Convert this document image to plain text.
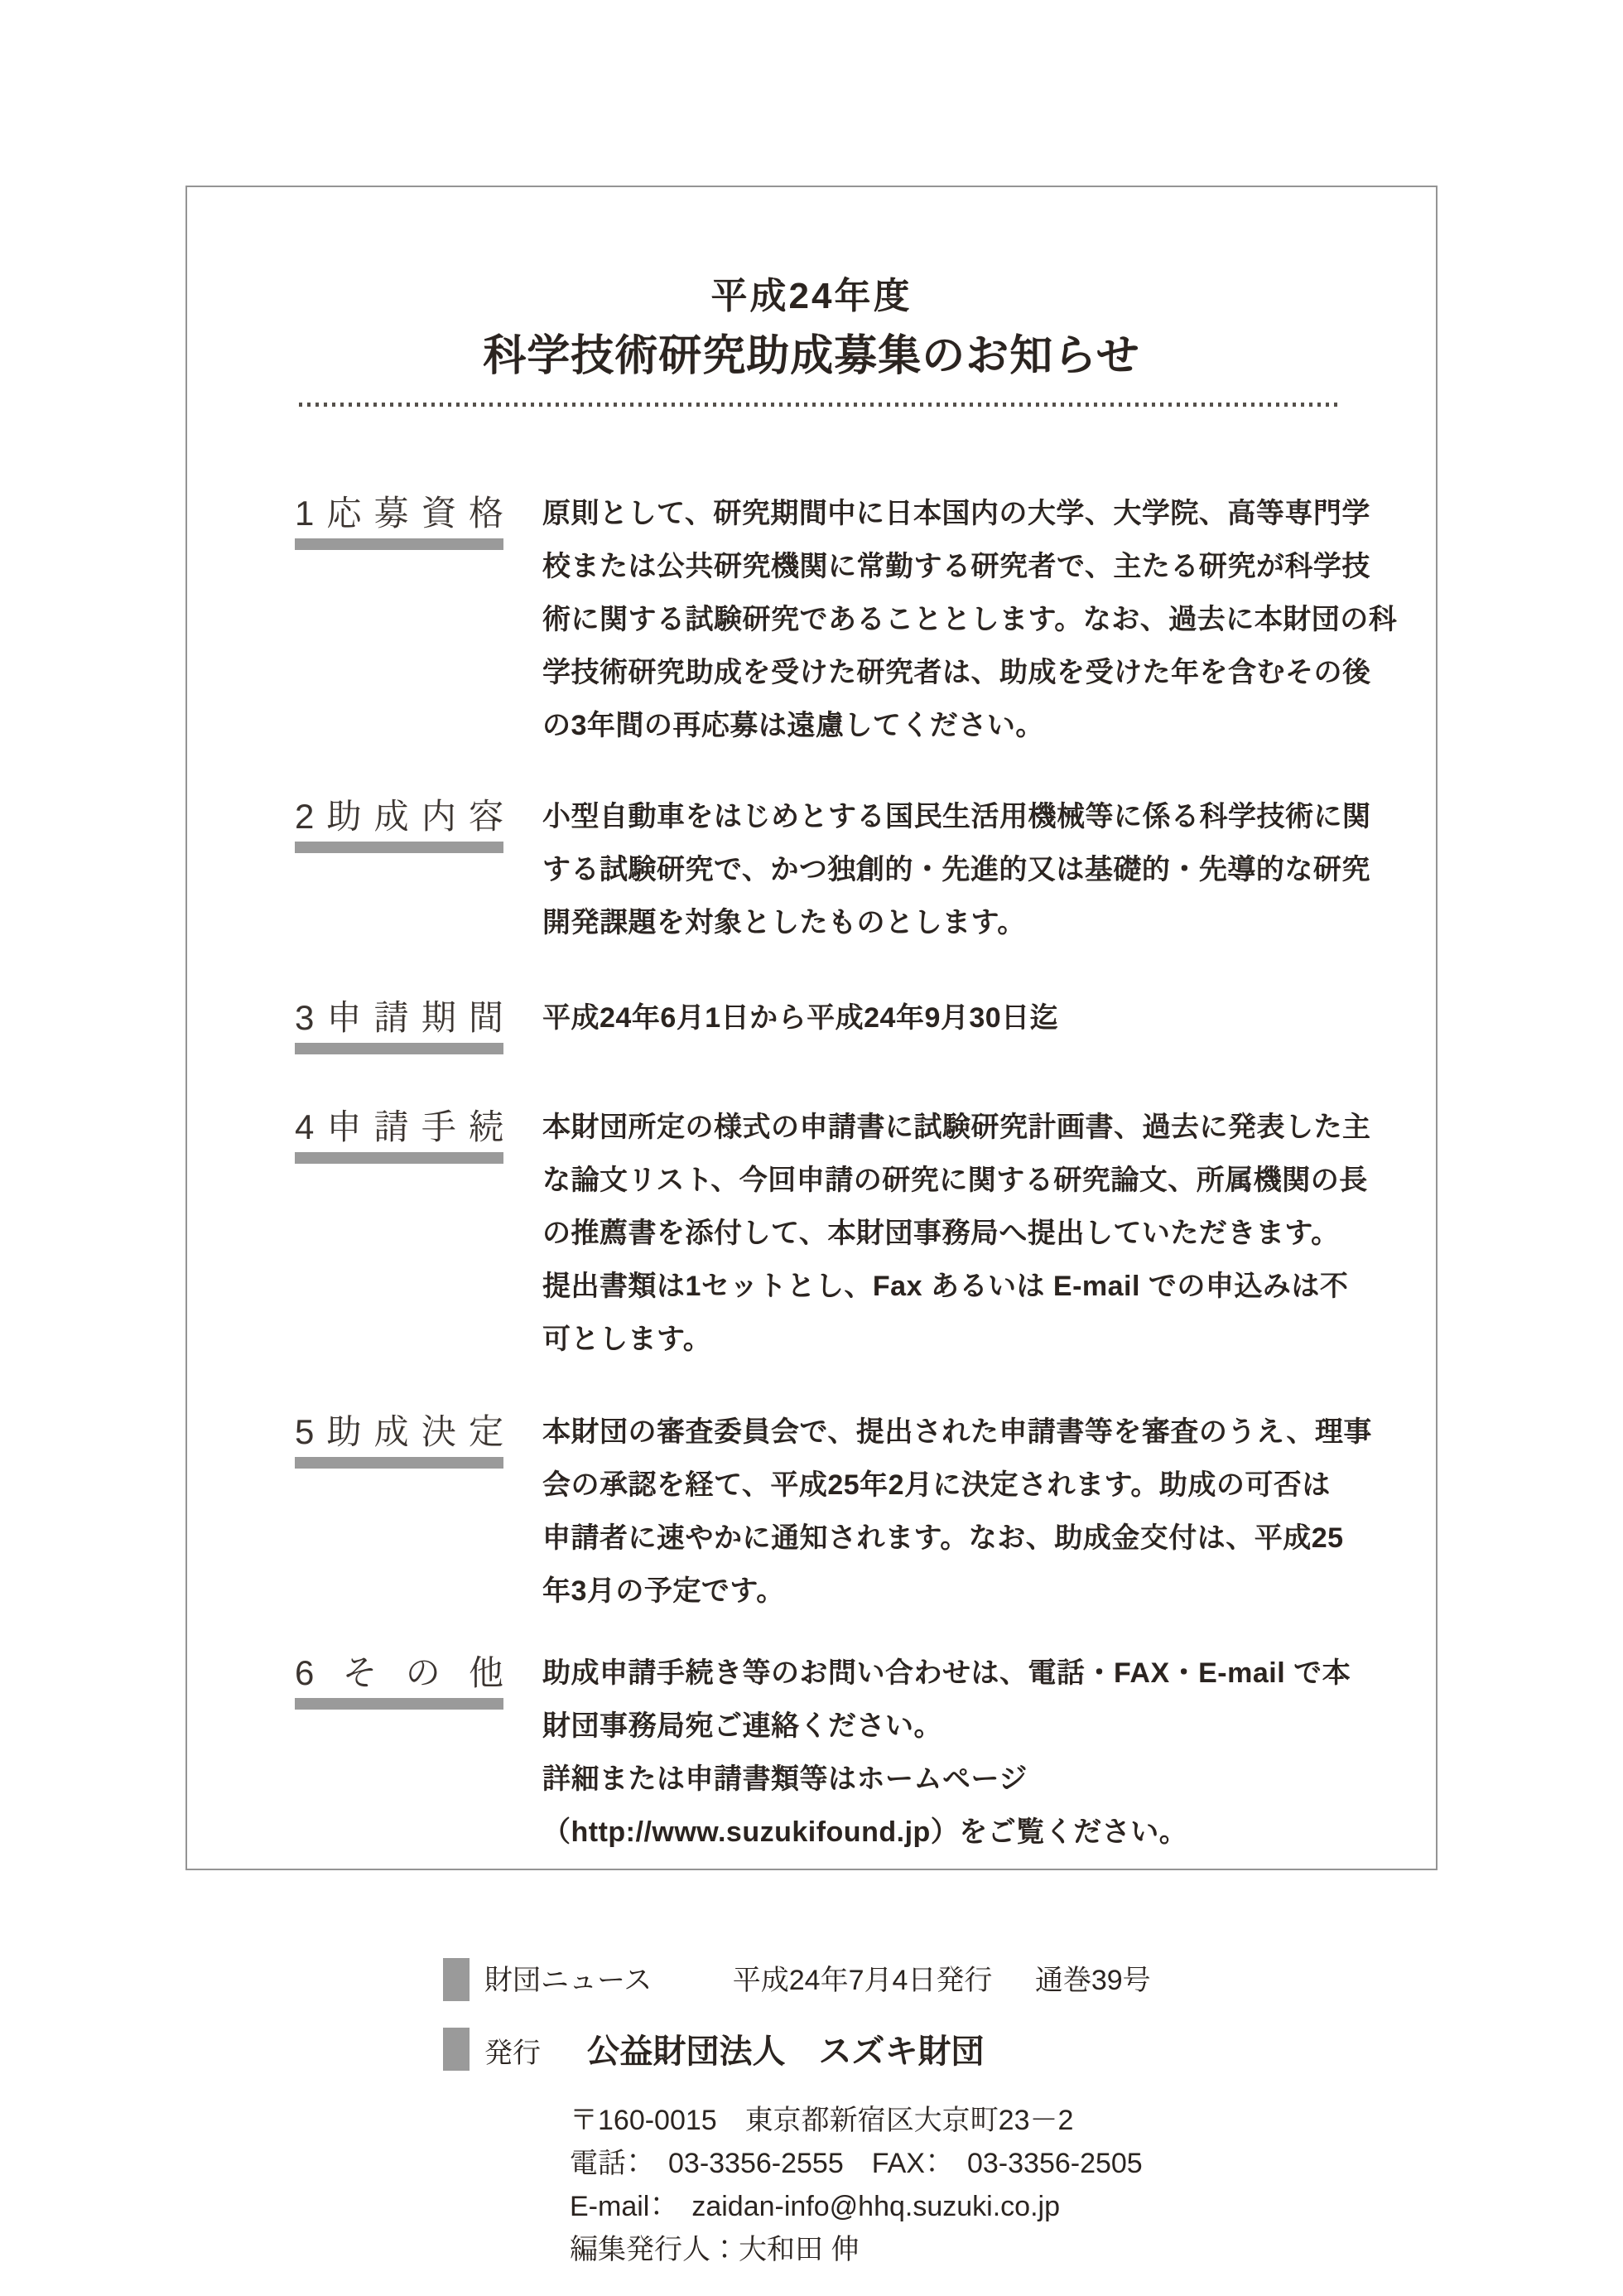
平成24年度
科学技術研究助成募集のお知らせ
1 応 募 資 格 原則として、研究期間中に日本国内の大学、大学院、高等専門学
校または公共研究機関に常勤する研究者で、主たる研究が科学技
術に関する試験研究であることとします。なお、過去に本財団の科
学技術研究助成を受けた研究者は、助成を受けた年を含むその後
の3年間の再応募は遠慮してください。
2 助 成 内 容 小型自動車をはじめとする国民生活用機械等に係る科学技術に関
する試験研究で、かつ独創的・先進的又は基礎的・先導的な研究
開発課題を対象としたものとします。
3 申 請 期 間 平成24年6月1日から平成24年9月30日迄
4 申 請 手 続 本財団所定の様式の申請書に試験研究計画書、過去に発表した主
な論文リスト、今回申請の研究に関する研究論文、所属機関の長
の推薦書を添付して、本財団事務局へ提出していただきます。
提出書類は1セットとし、Fax あるいは E-mail での申込みは不
可とします。
5 助 成 決 定 本財団の審査委員会で、提出された申請書等を審査のうえ、理事
会の承認を経て、平成25年2月に決定されます。助成の可否は
申請者に速やかに通知されます。なお、助成金交付は、平成25
年3月の予定です。
6 そ の 他 助成申請手続き等のお問い合わせは、電話・FAX・E-mail で本
財団事務局宛ご連絡ください。
詳細または申請書類等はホームページ
（http://www.suzukifound.jp）をご覧ください。
財団ニュース	平成24年7月4日発行 通巻39号
発行 公益財団法人　スズキ財団
〒160-0015　東京都新宿区大京町23－2
電話：　03-3356-2555　FAX：　03-3356-2505
E-mail：　zaidan-info@hhq.suzuki.co.jp
編集発行人：大和田 伸
